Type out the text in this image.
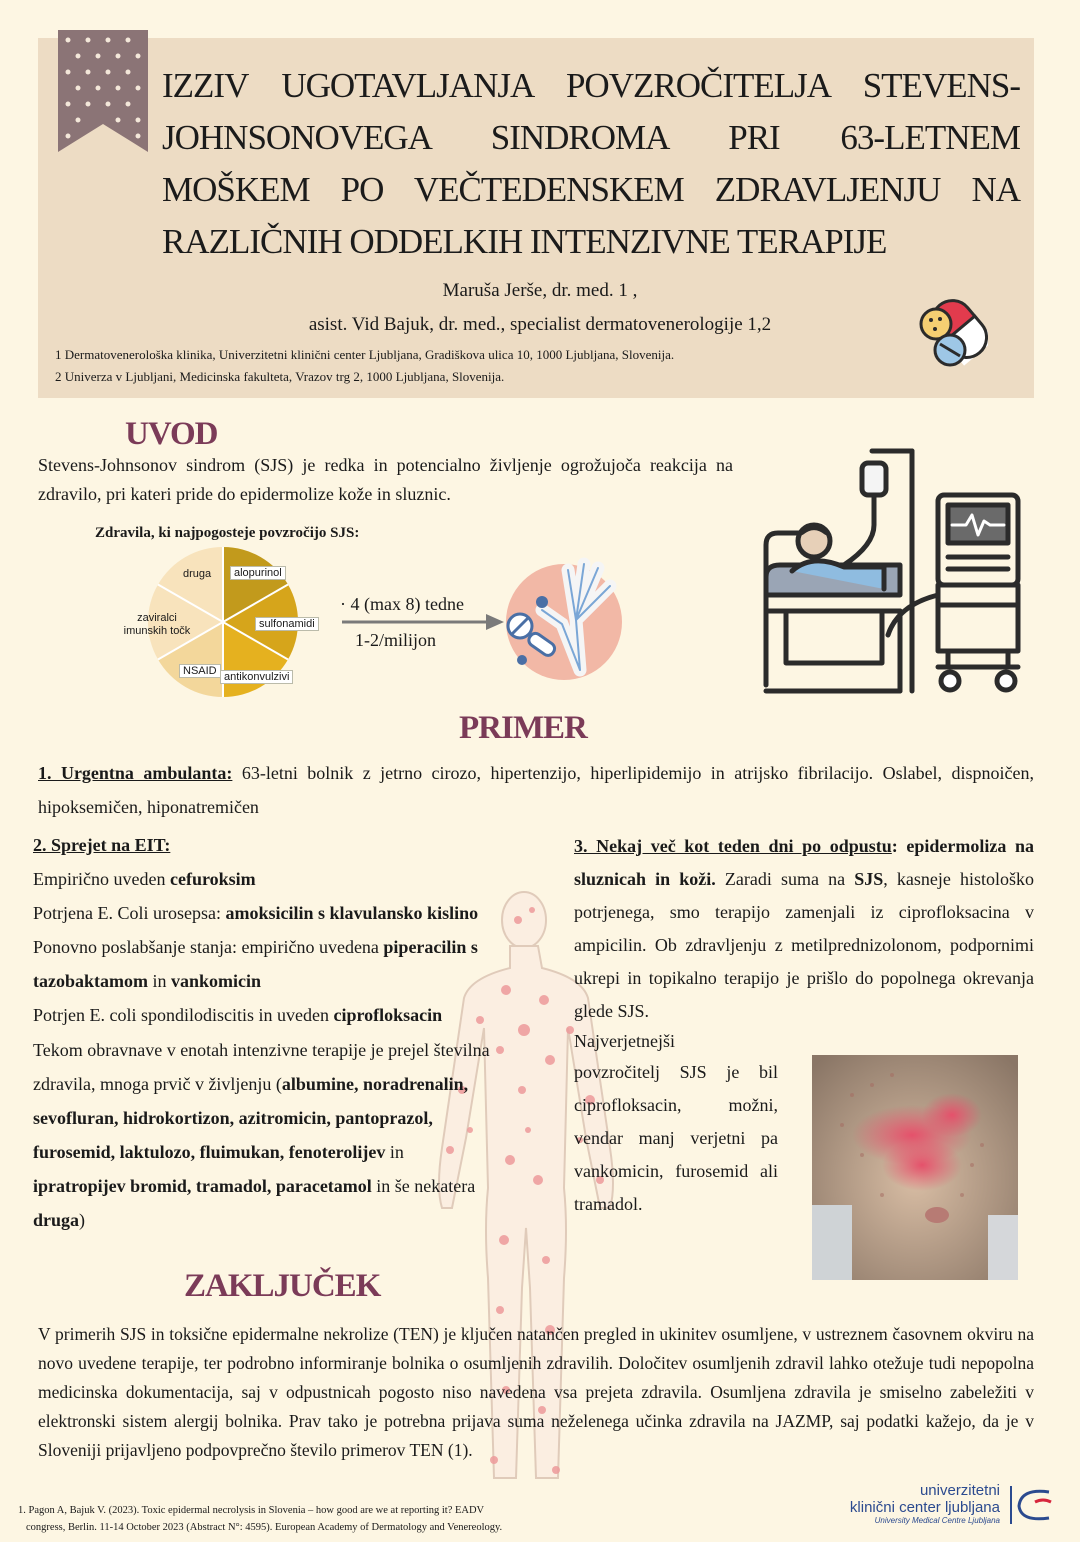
IZZIV UGOTAVLJANJA POVZROČITELJA STEVENS-
JOHNSONOVEGA SINDROMA PRI 63-LETNEM
MOŠKEM PO VEČTEDENSKEM ZDRAVLJENJU NA
RAZLIČNIH ODDELKIH INTENZIVNE TERAPIJE
Maruša Jerše, dr. med. 1 ,
asist. Vid Bajuk, dr. med., specialist dermatovenerologije 1,2
1 Dermatovenerološka klinika, Univerzitetni klinični center Ljubljana, Gradiškova ulica 10, 1000 Ljubljana, Slovenija.
2 Univerza v Ljubljani, Medicinska fakulteta, Vrazov trg 2, 1000 Ljubljana, Slovenija.
UVOD
Stevens-Johnsonov sindrom (SJS) je redka in potencialno življenje ogrožujoča reakcija na zdravilo, pri kateri pride do epidermolize kože in sluznic.
Zdravila, ki najpogosteje povzročijo SJS:
druga	alopurinol
zaviralci imunskih točk
sulfonamidi
NSAID antikonvulzivi
· 4 (max 8) tedne
1-2/milijon
PRIMER
1. Urgentna ambulanta: 63-letni bolnik z jetrno cirozo, hipertenzijo, hiperlipidemijo in atrijsko fibrilacijo. Oslabel, dispnoičen, hipoksemičen, hiponatremičen
2. Sprejet na EIT:
Empirično uveden cefuroksim
Potrjena E. Coli urosepsa: amoksicilin s klavulansko kislino
Ponovno poslabšanje stanja: empirično uvedena piperacilin s
tazobaktamom in vankomicin
Potrjen E. coli spondilodiscitis in uveden ciprofloksacin
Tekom obravnave v enotah intenzivne terapije je prejel številna
zdravila, mnoga prvič v življenju (albumine, noradrenalin,
sevofluran, hidrokortizon, azitromicin, pantoprazol,
furosemid, laktulozo, fluimukan, fenoterolijev in
ipratropijev bromid, tramadol, paracetamol in še nekatera
druga)
3. Nekaj več kot teden dni po odpustu: epidermoliza na sluznicah in koži. Zaradi suma na SJS, kasneje histološko potrjenega, smo terapijo zamenjali iz ciprofloksacina v ampicilin. Ob zdravljenju z metilprednizolonom, podpornimi ukrepi in topikalno terapijo je prišlo do popolnega okrevanja glede SJS.
Najverjetnejši
povzročitelj SJS je bil ciprofloksacin, možni, vendar manj verjetni pa vankomicin, furosemid ali tramadol.
ZAKLJUČEK
V primerih SJS in toksične epidermalne nekrolize (TEN) je ključen natančen pregled in ukinitev osumljene, v ustreznem časovnem okviru na novo uvedene terapije, ter podrobno informiranje bolnika o osumljenih zdravilih. Določitev osumljenih zdravil lahko otežuje tudi nepopolna medicinska dokumentacija, saj v odpustnicah pogosto niso navedena vsa prejeta zdravila. Osumljena zdravila je smiselno zabeležiti v elektronski sistem alergij bolnika. Prav tako je potrebna prijava suma neželenega učinka zdravila na JAZMP, saj podatki kažejo, da je v Sloveniji prijavljeno podpovprečno število primerov TEN (1).
1. Pagon A, Bajuk V. (2023). Toxic epidermal necrolysis in Slovenia – how good are we at reporting it? EADV
congress, Berlin. 11-14 October 2023 (Abstract N°: 4595). European Academy of Dermatology and Venereology.
univerzitetni
klinični center ljubljana
University Medical Centre Ljubljana
